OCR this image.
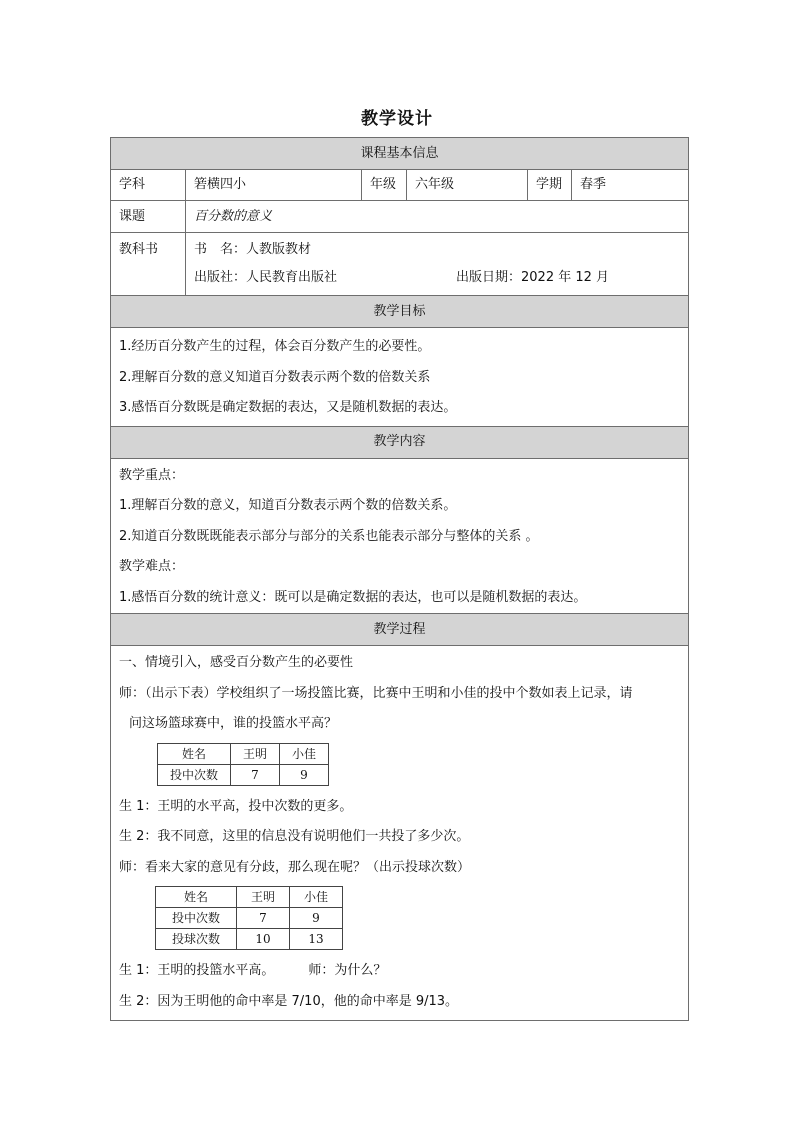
教学设计
课程基本信息
学科	箬横四小	年级	六年级	学期	春季
课题	百分数的意义

教科书	书　名：人教版教材
出版社：人民教育出版社	出版日期：2022 年 12 月

教学目标

1.经历百分数产生的过程，体会百分数产生的必要性。
2.理解百分数的意义知道百分数表示两个数的倍数关系
3.感悟百分数既是确定数据的表达，又是随机数据的表达。

教学内容

教学重点：
1.理解百分数的意义，知道百分数表示两个数的倍数关系。
2.知道百分数既既能表示部分与部分的关系也能表示部分与整体的关系 。
教学难点：
1.感悟百分数的统计意义：既可以是确定数据的表达，也可以是随机数据的表达。

教学过程

一、情境引入，感受百分数产生的必要性
师：（出示下表）学校组织了一场投篮比赛，比赛中王明和小佳的投中个数如表上记录，请
问这场篮球赛中，谁的投篮水平高？
姓名	王明	小佳
投中次数	7	9
生 1：王明的水平高，投中次数的更多。
生 2：我不同意，这里的信息没有说明他们一共投了多少次。
师：看来大家的意见有分歧，那么现在呢？（出示投球次数）
姓名	王明	小佳
投中次数	7	9
投球次数	10	13
生 1：王明的投篮水平高。	师：为什么？
生 2：因为王明他的命中率是 7/10，他的命中率是 9/13。
